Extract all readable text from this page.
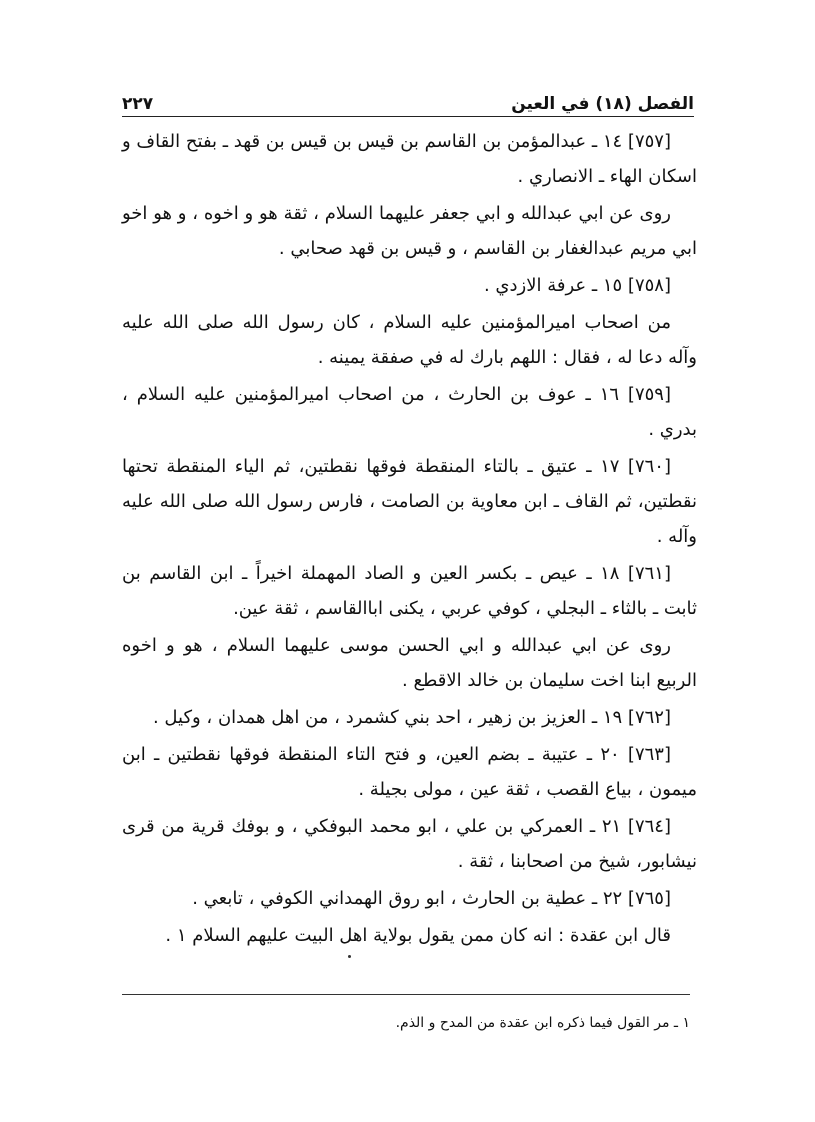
الفصل (١٨) في العين
٢٢٧

[٧٥٧] ١٤ ـ عبدالمؤمن بن القاسم بن قيس بن قيس بن قهد ـ بفتح القاف و اسكان الهاء ـ الانصاري .

روى عن ابي عبدالله و ابي جعفر عليهما السلام ، ثقة هو و اخوه ، و هو اخو ابي مريم عبدالغفار بن القاسم ، و قيس بن قهد صحابي .

[٧٥٨] ١٥ ـ عرفة الازدي .

من اصحاب اميرالمؤمنين عليه السلام ، كان رسول الله صلى الله عليه وآله دعا له ، فقال : اللهم بارك له في صفقة يمينه .

[٧٥٩] ١٦ ـ عوف بن الحارث ، من اصحاب اميرالمؤمنين عليه السلام ، بدري .

[٧٦٠] ١٧ ـ عتيق ـ بالتاء المنقطة فوقها نقطتين، ثم الياء المنقطة تحتها نقطتين، ثم القاف ـ ابن معاوية بن الصامت ، فارس رسول الله صلى الله عليه وآله .

[٧٦١] ١٨ ـ عيص ـ بكسر العين و الصاد المهملة اخيراً ـ ابن القاسم بن ثابت ـ بالثاء ـ البجلي ، كوفي عربي ، يكنى اباالقاسم ، ثقة عين.

روى عن ابي عبدالله و ابي الحسن موسى عليهما السلام ، هو و اخوه الربيع ابنا اخت سليمان بن خالد الاقطع .

[٧٦٢] ١٩ ـ العزيز بن زهير ، احد بني كشمرد ، من اهل همدان ، وكيل .

[٧٦٣] ٢٠ ـ عتيبة ـ بضم العين، و فتح التاء المنقطة فوقها نقطتين ـ ابن ميمون ، بياع القصب ، ثقة عين ، مولى بجيلة .

[٧٦٤] ٢١ ـ العمركي بن علي ، ابو محمد البوفكي ، و بوفك قرية من قرى نيشابور، شيخ من اصحابنا ، ثقة .

[٧٦٥] ٢٢ ـ عطية بن الحارث ، ابو روق الهمداني الكوفي ، تابعي .

قال ابن عقدة : انه كان ممن يقول بولاية اهل البيت عليهم السلام ١ .

١ ـ مر القول فيما ذكره ابن عقدة من المدح و الذم.
